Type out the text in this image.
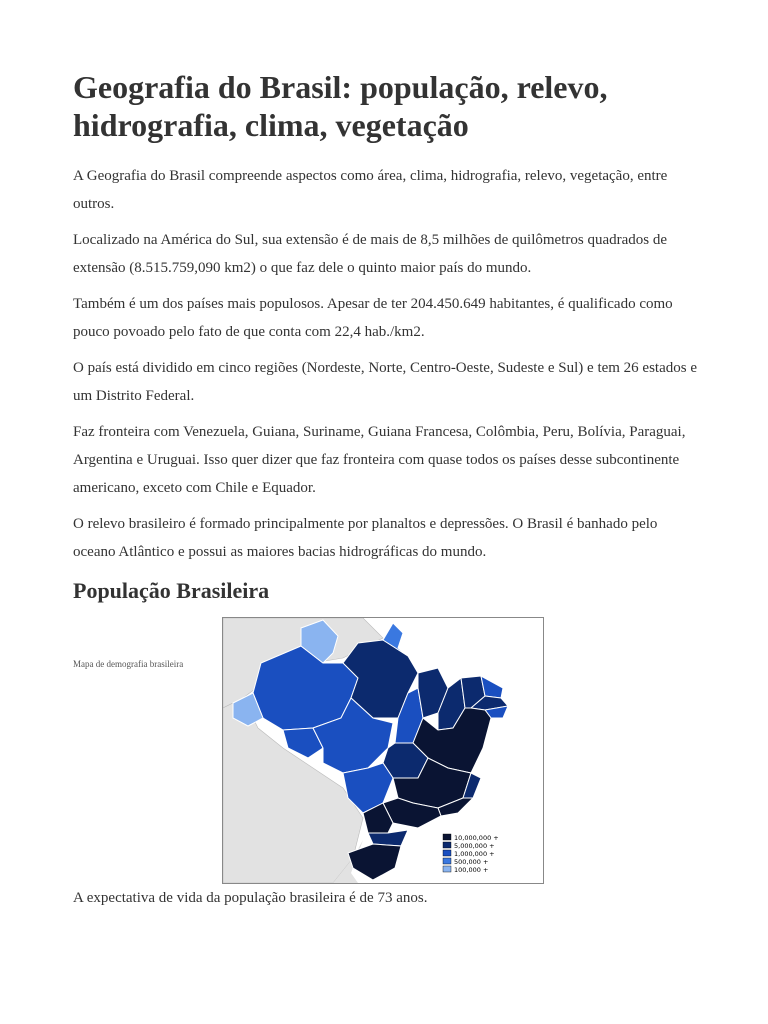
Geografia do Brasil: população, relevo, hidrografia, clima, vegetação

A Geografia do Brasil compreende aspectos como área, clima, hidrografia, relevo, vegetação, entre outros.

Localizado na América do Sul, sua extensão é de mais de 8,5 milhões de quilômetros quadrados de extensão (8.515.759,090 km2) o que faz dele o quinto maior país do mundo.

Também é um dos países mais populosos. Apesar de ter 204.450.649 habitantes, é qualificado como pouco povoado pelo fato de que conta com 22,4 hab./km2.

O país está dividido em cinco regiões (Nordeste, Norte, Centro-Oeste, Sudeste e Sul) e tem 26 estados e um Distrito Federal.

Faz fronteira com Venezuela, Guiana, Suriname, Guiana Francesa, Colômbia, Peru, Bolívia, Paraguai, Argentina e Uruguai. Isso quer dizer que faz fronteira com quase todos os países desse subcontinente americano, exceto com Chile e Equador.

O relevo brasileiro é formado principalmente por planaltos e depressões. O Brasil é banhado pelo oceano Atlântico e possui as maiores bacias hidrográficas do mundo.

População Brasileira
Mapa de demografia brasileira
10,000,000 +
5,000,000 +
1,000,000 +
500,000 +
100,000 +

A expectativa de vida da população brasileira é de 73 anos.
